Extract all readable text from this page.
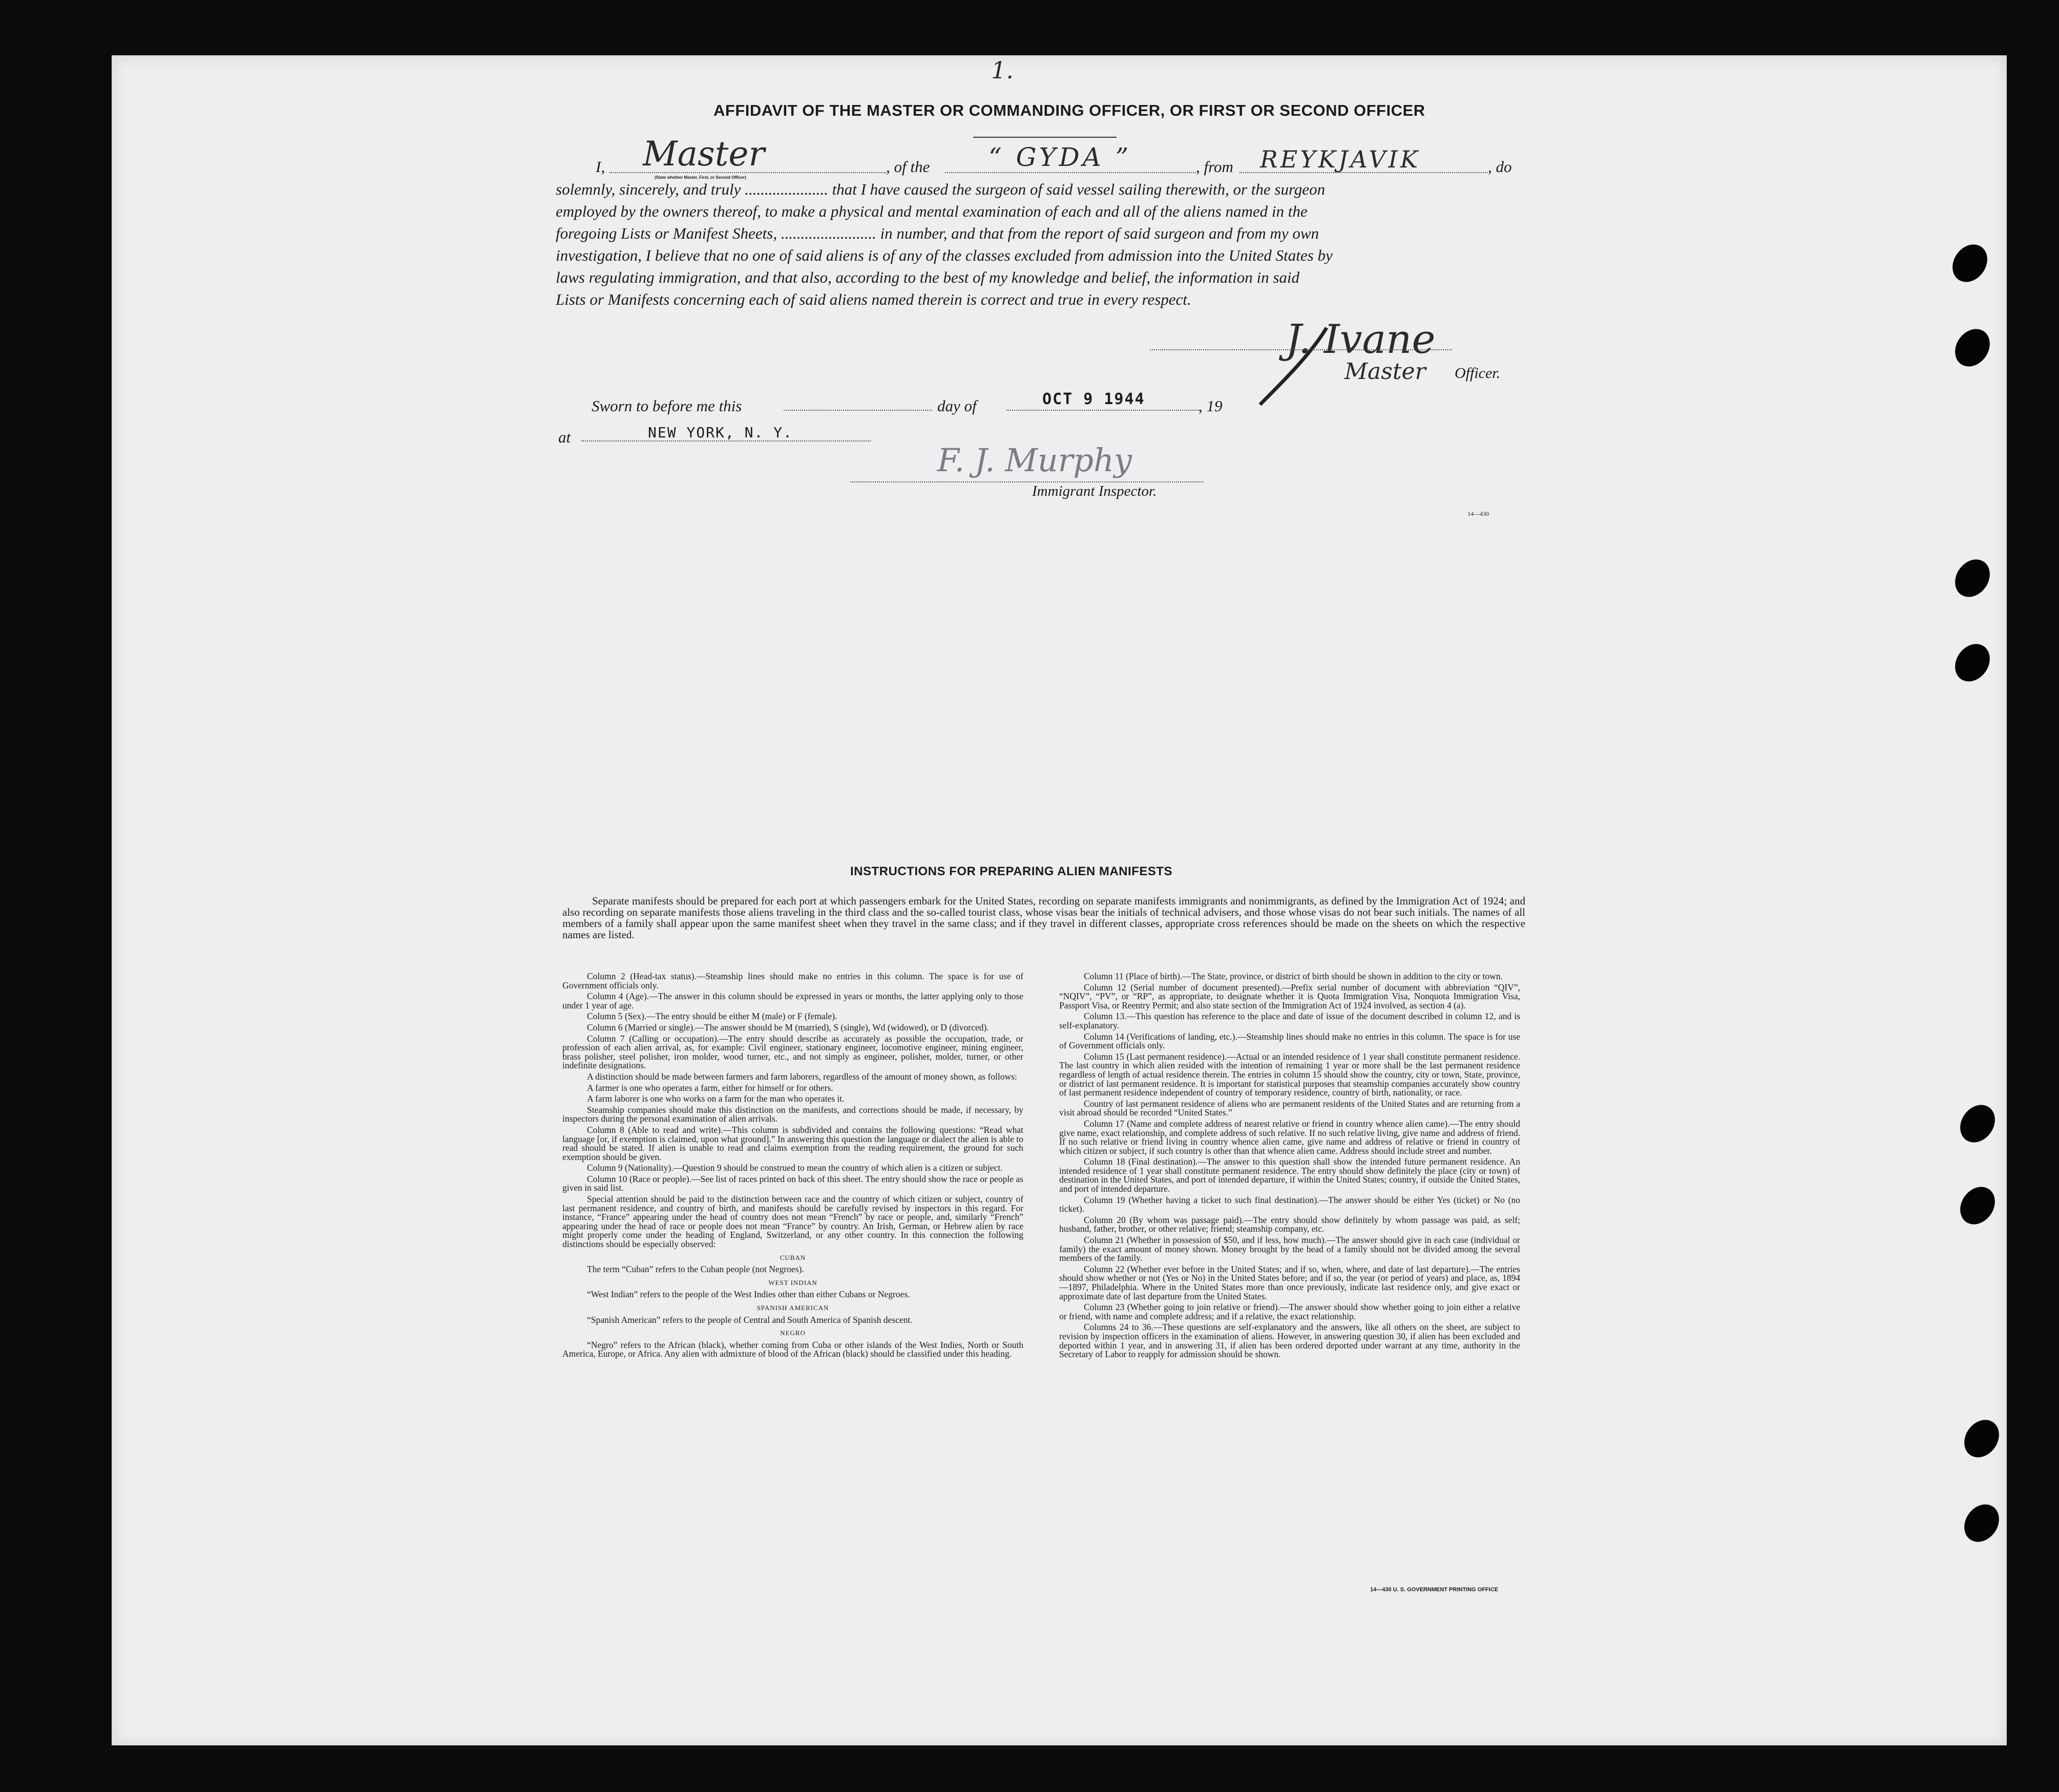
1.
AFFIDAVIT OF THE MASTER OR COMMANDING OFFICER, OR FIRST OR SECOND OFFICER
I, Master
(State whether Master, First, or Second Officer)
, of the “ GYDA ”	, from REYKJAVIK	, do
solemnly, sincerely, and truly ..................... that I have caused the surgeon of said vessel sailing therewith, or the surgeon
employed by the owners thereof, to make a physical and mental examination of each and all of the aliens named in the
foregoing Lists or Manifest Sheets, ........................ in number, and that from the report of said surgeon and from my own
investigation, I believe that no one of said aliens is of any of the classes excluded from admission into the United States by
laws regulating immigration, and that also, according to the best of my knowledge and belief, the information in said
Lists or Manifests concerning each of said aliens named therein is correct and true in every respect.
J. Ivane
Master Officer.
Sworn to before me this	day of	OCT 9 1944	, 19
at	NEW YORK, N. Y.
F. J. Murphy
Immigrant Inspector.
14—430
INSTRUCTIONS FOR PREPARING ALIEN MANIFESTS
Separate manifests should be prepared for each port at which passengers embark for the United States, recording on separate manifests immigrants and nonimmigrants, as defined by the Immigration Act of 1924; and also recording on separate manifests those aliens traveling in the third class and the so-called tourist class, whose visas bear the initials of technical advisers, and those whose visas do not bear such initials. The names of all members of a family shall appear upon the same manifest sheet when they travel in the same class; and if they travel in different classes, appropriate cross references should be made on the sheets on which the respective names are listed.

Column 2 (Head-tax status).—Steamship lines should make no entries in this column. The space is for use of Government officials only.

Column 4 (Age).—The answer in this column should be expressed in years or months, the latter applying only to those under 1 year of age.

Column 5 (Sex).—The entry should be either M (male) or F (female).

Column 6 (Married or single).—The answer should be M (married), S (single), Wd (widowed), or D (divorced).

Column 7 (Calling or occupation).—The entry should describe as accurately as possible the occupation, trade, or profession of each alien arrival, as, for example: Civil engineer, stationary engineer, locomotive engineer, mining engineer, brass polisher, steel polisher, iron molder, wood turner, etc., and not simply as engineer, polisher, molder, turner, or other indefinite designations.

A distinction should be made between farmers and farm laborers, regardless of the amount of money shown, as follows:

A farmer is one who operates a farm, either for himself or for others.

A farm laborer is one who works on a farm for the man who operates it.

Steamship companies should make this distinction on the manifests, and corrections should be made, if necessary, by inspectors during the personal examination of alien arrivals.

Column 8 (Able to read and write).—This column is subdivided and contains the following questions: “Read what language [or, if exemption is claimed, upon what ground].” In answering this question the language or dialect the alien is able to read should be stated. If alien is unable to read and claims exemption from the reading requirement, the ground for such exemption should be given.

Column 9 (Nationality).—Question 9 should be construed to mean the country of which alien is a citizen or subject.

Column 10 (Race or people).—See list of races printed on back of this sheet. The entry should show the race or people as given in said list.

Special attention should be paid to the distinction between race and the country of which citizen or subject, country of last permanent residence, and country of birth, and manifests should be carefully revised by inspectors in this regard. For instance, “France” appearing under the head of country does not mean “French” by race or people, and, similarly “French” appearing under the head of race or people does not mean “France” by country. An Irish, German, or Hebrew alien by race might properly come under the heading of England, Switzerland, or any other country. In this connection the following distinctions should be especially observed:

CUBAN

The term “Cuban” refers to the Cuban people (not Negroes).

WEST INDIAN

“West Indian” refers to the people of the West Indies other than either Cubans or Negroes.

SPANISH AMERICAN

“Spanish American” refers to the people of Central and South America of Spanish descent.

NEGRO

“Negro” refers to the African (black), whether coming from Cuba or other islands of the West Indies, North or South America, Europe, or Africa. Any alien with admixture of blood of the African (black) should be classified under this heading.

Column 11 (Place of birth).—The State, province, or district of birth should be shown in addition to the city or town.

Column 12 (Serial number of document presented).—Prefix serial number of document with abbreviation “QIV”, “NQIV”, “PV”, or “RP”, as appropriate, to designate whether it is Quota Immigration Visa, Nonquota Immigration Visa, Passport Visa, or Reentry Permit; and also state section of the Immigration Act of 1924 involved, as section 4 (a).

Column 13.—This question has reference to the place and date of issue of the document described in column 12, and is self-explanatory.

Column 14 (Verifications of landing, etc.).—Steamship lines should make no entries in this column. The space is for use of Government officials only.

Column 15 (Last permanent residence).—Actual or an intended residence of 1 year shall constitute permanent residence. The last country in which alien resided with the intention of remaining 1 year or more shall be the last permanent residence regardless of length of actual residence therein. The entries in column 15 should show the country, city or town, State, province, or district of last permanent residence. It is important for statistical purposes that steamship companies accurately show country of last permanent residence independent of country of temporary residence, country of birth, nationality, or race.

Country of last permanent residence of aliens who are permanent residents of the United States and are returning from a visit abroad should be recorded “United States.”

Column 17 (Name and complete address of nearest relative or friend in country whence alien came).—The entry should give name, exact relationship, and complete address of such relative. If no such relative living, give name and address of friend. If no such relative or friend living in country whence alien came, give name and address of relative or friend in country of which citizen or subject, if such country is other than that whence alien came. Address should include street and number.

Column 18 (Final destination).—The answer to this question shall show the intended future permanent residence. An intended residence of 1 year shall constitute permanent residence. The entry should show definitely the place (city or town) of destination in the United States, and port of intended departure, if within the United States; country, if outside the United States, and port of intended departure.

Column 19 (Whether having a ticket to such final destination).—The answer should be either Yes (ticket) or No (no ticket).

Column 20 (By whom was passage paid).—The entry should show definitely by whom passage was paid, as self; husband, father, brother, or other relative; friend; steamship company, etc.

Column 21 (Whether in possession of $50, and if less, how much).—The answer should give in each case (individual or family) the exact amount of money shown. Money brought by the head of a family should not be divided among the several members of the family.

Column 22 (Whether ever before in the United States; and if so, when, where, and date of last departure).—The entries should show whether or not (Yes or No) in the United States before; and if so, the year (or period of years) and place, as, 1894—1897, Philadelphia. Where in the United States more than once previously, indicate last residence only, and give exact or approximate date of last departure from the United States.

Column 23 (Whether going to join relative or friend).—The answer should show whether going to join either a relative or friend, with name and complete address; and if a relative, the exact relationship.

Columns 24 to 36.—These questions are self-explanatory and the answers, like all others on the sheet, are subject to revision by inspection officers in the examination of aliens. However, in answering question 30, if alien has been excluded and deported within 1 year, and in answering 31, if alien has been ordered deported under warrant at any time, authority in the Secretary of Labor to reapply for admission should be shown.

14—430 U. S. GOVERNMENT PRINTING OFFICE
